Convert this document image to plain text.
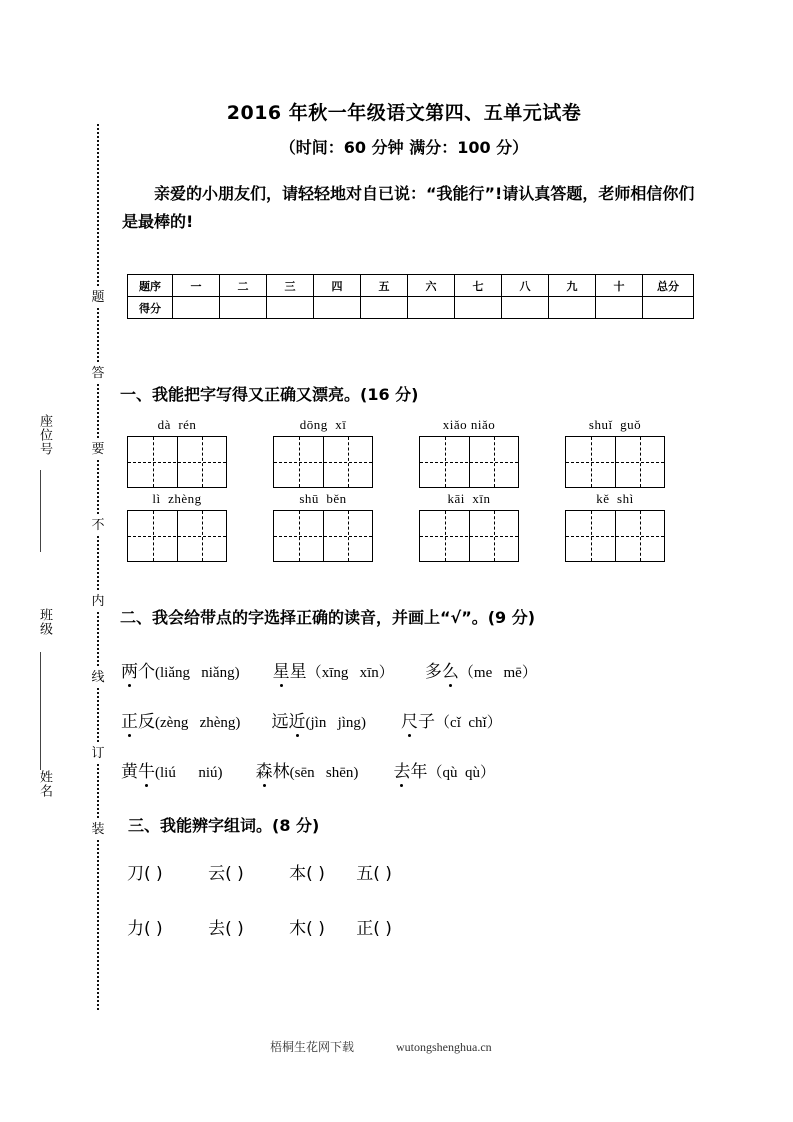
题
答
要
不
内
线
订
装
座位号
班级
姓名
2016 年秋一年级语文第四、五单元试卷
（时间：60 分钟 满分：100 分）
亲爱的小朋友们，请轻轻地对自已说：“我能行”!请认真答题，老师相信你们是最棒的!
题序	一	二	三	四	五	六	七	八	九	十	总分
得分											
一、我能把字写得又正确又漂亮。(16 分)
dà  rén	dōng  xī	xiǎo niǎo	shuǐ  guǒ
lì  zhèng	shū  běn	kāi  xīn	kě  shì
二、我会给带点的字选择正确的读音，并画上“√”。(9 分)
两个(liǎng niǎng) 星星（xīng xīn） 多么（me mē）
正反(zèng zhèng) 远近(jìn jìng) 尺子（cǐ chǐ）
黄牛(liú niú) 森林(sēn shēn) 去年（qù qù）
三、我能辨字组词。(8 分)
刀( )	云( )	本( ) 五( )
力( )	去( )	木( ) 正( )
梧桐生花网下载	wutongshenghua.cn
